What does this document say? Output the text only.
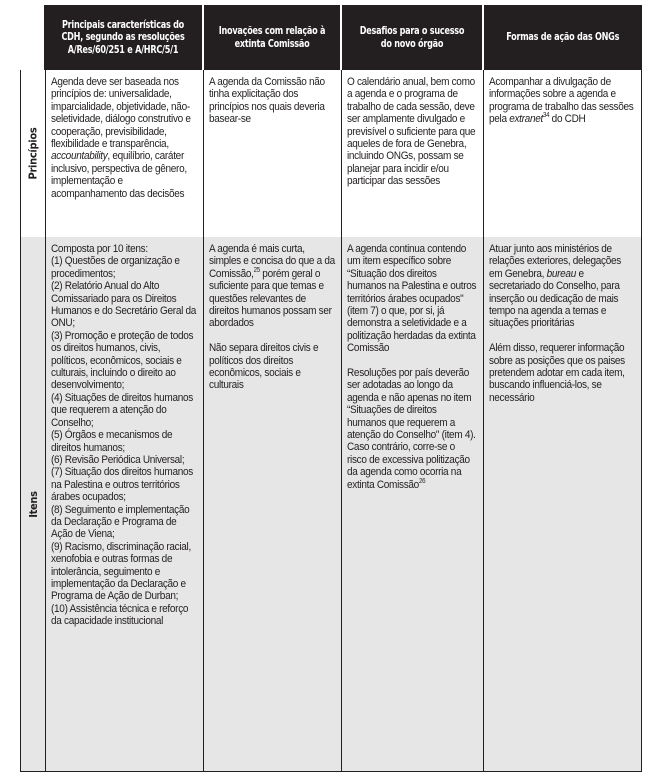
Principais características do CDH, segundo as resoluções A/Res/60/251 e A/HRC/5/1
Inovações com relação à extinta Comissão
Desafios para o sucesso do novo órgão
Formas de ação das ONGs
Princípios
Agenda deve ser baseada nos princípios de: universalidade, imparcialidade, objetividade, não-seletividade, diálogo construtivo e cooperação, previsibilidade, flexibilidade e transparência, accountability, equilíbrio, caráter inclusivo, perspectiva de gênero, implementação e acompanhamento das decisões
A agenda da Comissão não tinha explicitação dos princípios nos quais deveria basear-se
O calendário anual, bem como a agenda e o programa de trabalho de cada sessão, deve ser amplamente divulgado e previsível o suficiente para que aqueles de fora de Genebra, incluindo ONGs, possam se planejar para incidir e/ou participar das sessões
Acompanhar a divulgação de informações sobre a agenda e programa de trabalho das sessões pela extranet$^{34}$ do CDH
Itens
Composta por 10 itens:
(1) Questões de organização e procedimentos;
(2) Relatório Anual do Alto Comissariado para os Direitos Humanos e do Secretário Geral da ONU;
(3) Promoção e proteção de todos os direitos humanos, civis, políticos, econômicos, sociais e culturais, incluindo o direito ao desenvolvimento;
(4) Situações de direitos humanos que requerem a atenção do Conselho;
(5) Órgãos e mecanismos de direitos humanos;
(6) Revisão Periódica Universal;
(7) Situação dos direitos humanos na Palestina e outros territórios árabes ocupados;
(8) Seguimento e implementação da Declaração e Programa de Ação de Viena;
(9) Racismo, discriminação racial, xenofobia e outras formas de intolerância, seguimento e implementação da Declaração e Programa de Ação de Durban;
(10) Assistência técnica e reforço da capacidade institucional

A agenda é mais curta, simples e concisa do que a da Comissão,$^{25}$ porém geral o suficiente para que temas e questões relevantes de direitos humanos possam ser abordados

Não separa direitos civis e políticos dos direitos econômicos, sociais e culturais

A agenda continua contendo um item específico sobre “Situação dos direitos humanos na Palestina e outros territórios árabes ocupados" (item 7) o que, por si, já demonstra a seletividade e a politização herdadas da extinta Comissão

Resoluções por país deverão ser adotadas ao longo da agenda e não apenas no item “Situações de direitos humanos que requerem a atenção do Conselho" (item 4). Caso contrário, corre-se o risco de excessiva politização da agenda como ocorria na extinta Comissão$^{26}$

Atuar junto aos ministérios de relações exteriores, delegações em Genebra, bureau e secretariado do Conselho, para inserção ou dedicação de mais tempo na agenda a temas e situações prioritárias

Além disso, requerer informação sobre as posições que os paises pretendem adotar em cada item, buscando influenciá-los, se necessário
